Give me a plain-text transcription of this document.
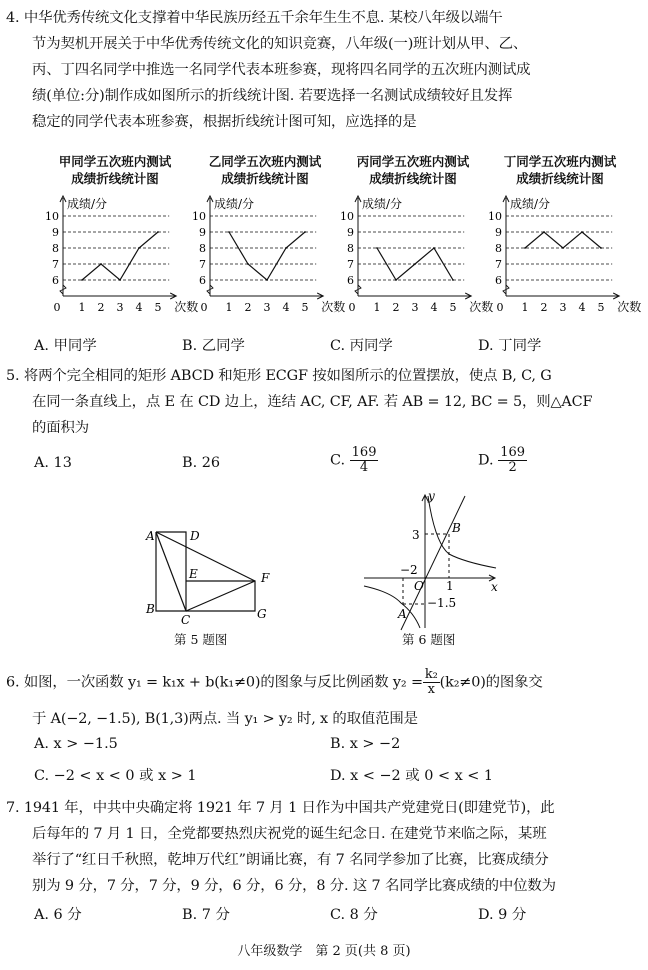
4. 中华优秀传统文化支撑着中华民族历经五千余年生生不息. 某校八年级以端午
节为契机开展关于中华优秀传统文化的知识竞赛，八年级(一)班计划从甲、乙、
丙、丁四名同学中推选一名同学代表本班参赛，现将四名同学的五次班内测试成
绩(单位:分)制作成如图所示的折线统计图. 若要选择一名测试成绩较好且发挥
稳定的同学代表本班参赛，根据折线统计图可知，应选择的是
甲同学五次班内测试
成绩折线统计图
乙同学五次班内测试
成绩折线统计图
丙同学五次班内测试
成绩折线统计图
丁同学五次班内测试
成绩折线统计图
6
7
8
9
10
0 1 2 3 4 5
成绩/分
次数
6
7
8
9
10
0 1 2 3 4 5
成绩/分
次数
6
7
8
9
10
0 1 2 3 4 5
成绩/分
次数
6
7
8
9
10
0 1 2 3 4 5
成绩/分
次数
A. 甲同学	B. 乙同学	C. 丙同学	D. 丁同学
5. 将两个完全相同的矩形 ABCD 和矩形 ECGF 按如图所示的位置摆放，使点 B, C, G
在同一条直线上，点 E 在 CD 边上，连结 AC, CF, AF. 若 AB = 12, BC = 5，则△ACF
的面积为
A. 13	B. 26	C. $\frac{169}{4}$	D. $\frac{169}{2}$
A	D
E	F
B
C	G
第 5 题图
y
x
O
B
A
3
−2
1
−1.5
第 6 题图
6. 如图，一次函数 y₁ = k₁x + b(k₁≠0)的图象与反比例函数 $y_2 = \frac{\text{k₂}}{x} (k_2\ne 0)$的图象交
于 A(−2, −1.5), B(1,3)两点. 当 y₁ > y₂ 时, x 的取值范围是
A. x > −1.5	B. x > −2
C. −2 < x < 0 或 x > 1	D. x < −2 或 0 < x < 1
7. 1941 年，中共中央确定将 1921 年 7 月 1 日作为中国共产党建党日(即建党节)，此
后每年的 7 月 1 日，全党都要热烈庆祝党的诞生纪念日. 在建党节来临之际，某班
举行了“红日千秋照，乾坤万代红”朗诵比赛，有 7 名同学参加了比赛，比赛成绩分
别为 9 分，7 分，7 分，9 分，6 分，6 分，8 分. 这 7 名同学比赛成绩的中位数为
A. 6 分	B. 7 分	C. 8 分	D. 9 分
八年级数学　第 2 页(共 8 页)
